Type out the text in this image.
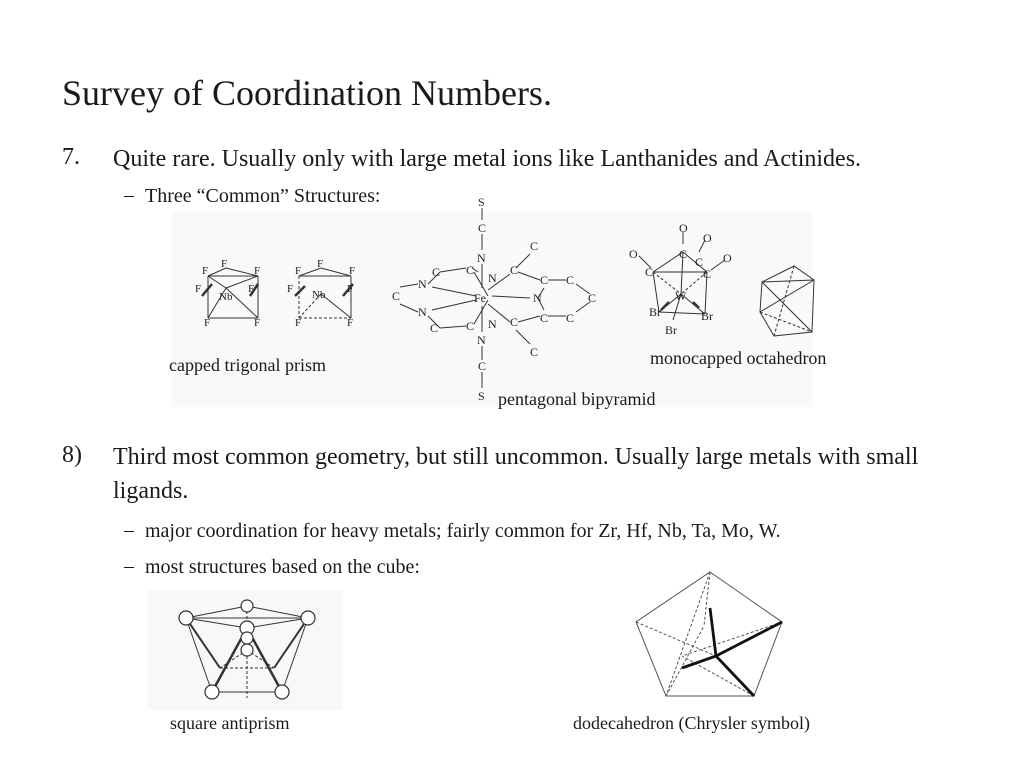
Survey of Coordination Numbers.
7. Quite rare. Usually only with large metal ions like Lanthanides and Actinides.
– Three “Common” Structures:
F
F	F
F	F
F	F
Nb
F
F	F
F	F
F	F
Nb
S
C
N
C
C
N
C
N
C C
Fe
N
C
S
N
N
N
C
C
C C
C
C C
C
C
O
O
O	O
C
C
C	C
W
Br	Br
Br
capped trigonal prism	monocapped octahedron
pentagonal bipyramid
8) Third most common geometry, but still uncommon. Usually large metals with small ligands.
– major coordination for heavy metals; fairly common for Zr, Hf, Nb, Ta, Mo, W.
– most structures based on the cube:
square antiprism	dodecahedron (Chrysler symbol)
